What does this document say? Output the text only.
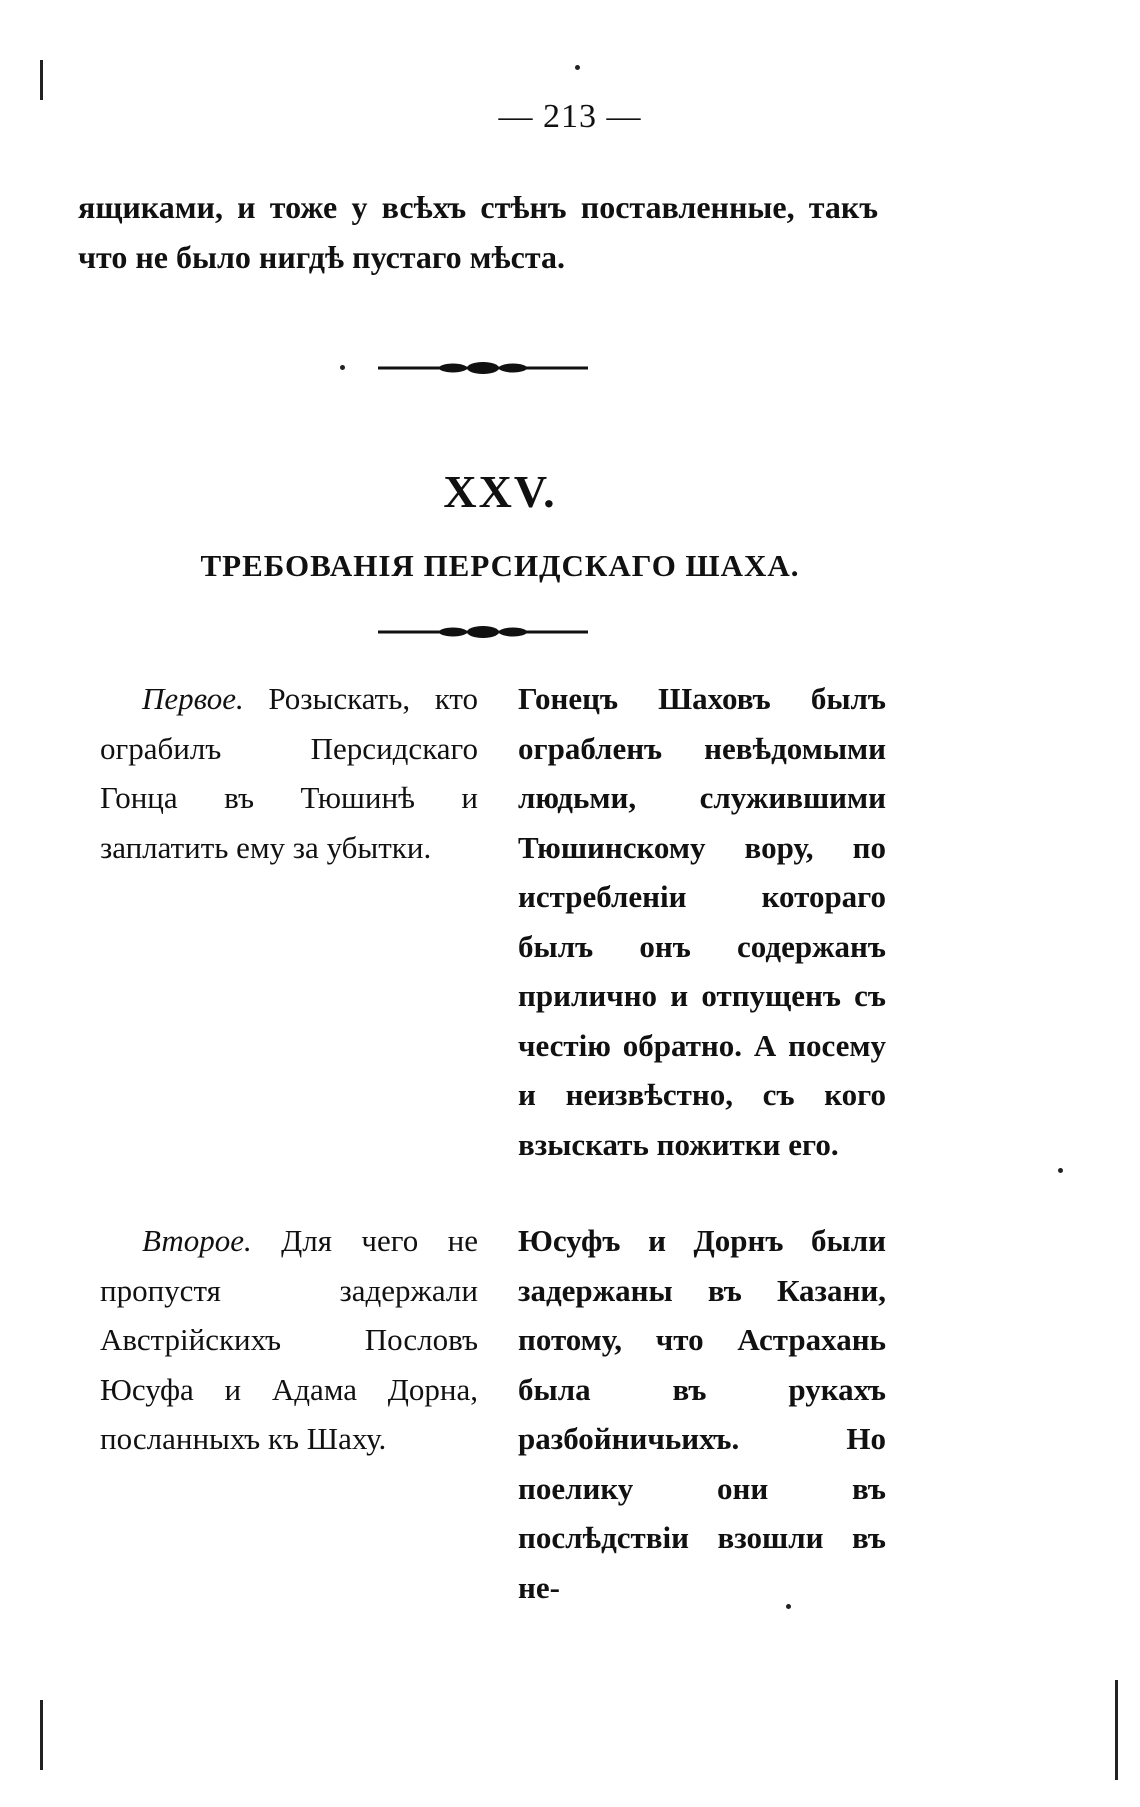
— 213 —
ящиками, и тоже у всѣхъ стѣнъ поставленные, такъ что не было нигдѣ пустаго мѣста.
XXV.
ТРЕБОВАНІЯ ПЕРСИДСКАГО ШАХА.
Первое. Розыскать, кто ограбилъ Персидскаго Гонца въ Тюшинѣ и заплатить ему за убытки.
Гонецъ Шаховъ былъ ограбленъ невѣдомыми людьми, служившими Тюшинскому вору, по истребленіи котораго былъ онъ содержанъ прилично и отпущенъ съ честію обратно. А посему и неизвѣстно, съ кого взыскать пожитки его.
Второе. Для чего не пропустя задержали Австрійскихъ Пословъ Юсуфа и Адама Дорна, посланныхъ къ Шаху.
Юсуфъ и Дорнъ были задержаны въ Казани, потому, что Астрахань была въ рукахъ разбойничьихъ. Но поелику они въ послѣдствіи взошли въ не-
